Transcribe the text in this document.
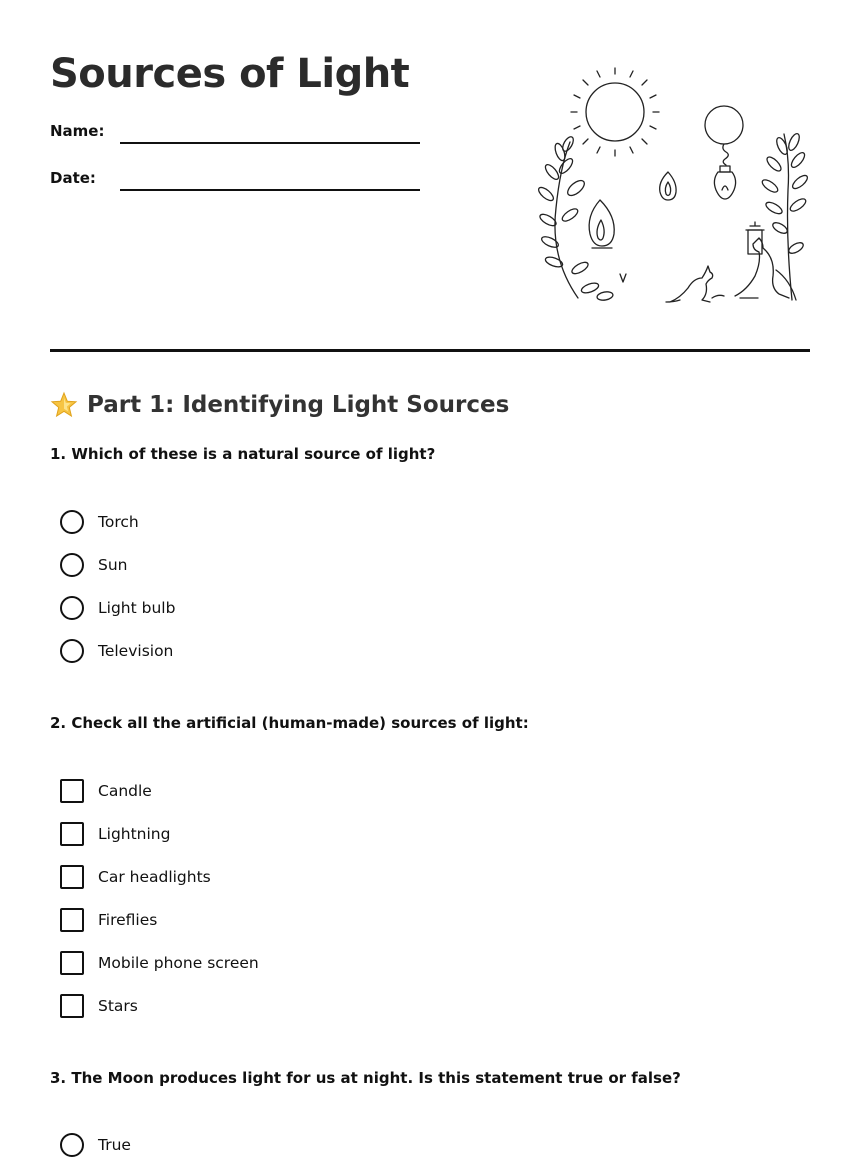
Sources of Light
Name:
Date:
Part 1: Identifying Light Sources

1. Which of these is a natural source of light?

Torch
Sun
Light bulb
Television

2. Check all the artificial (human-made) sources of light:

Candle
Lightning
Car headlights
Fireflies
Mobile phone screen
Stars

3. The Moon produces light for us at night. Is this statement true or false?

True
